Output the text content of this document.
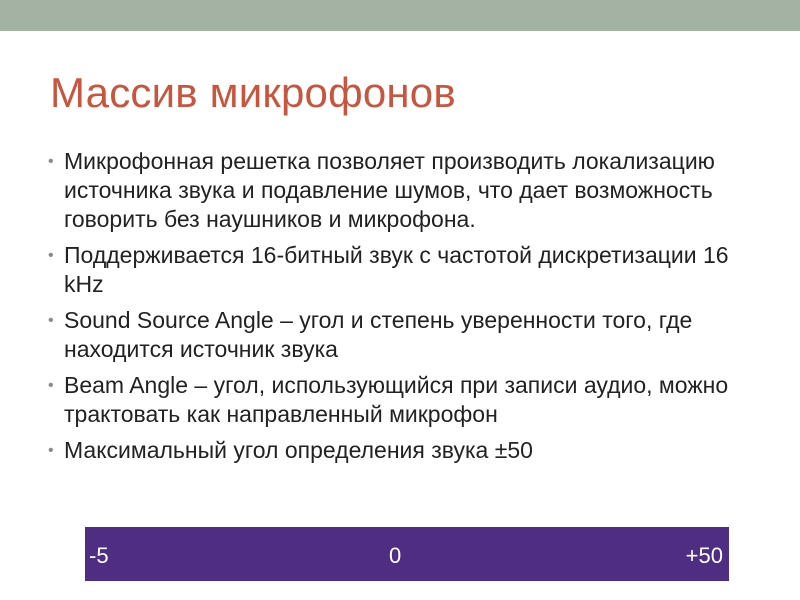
Массив микрофонов
• Микрофонная решетка позволяет производить локализацию источника звука и подавление шумов, что дает возможность говорить без наушников и микрофона.
• Поддерживается 16-битный звук с частотой дискретизации 16 kHz
• Sound Source Angle – угол и степень уверенности того, где находится источник звука
• Beam Angle – угол, использующийся при записи аудио, можно трактовать как направленный микрофон
• Максимальный угол определения звука ±50
-5	0	+50
